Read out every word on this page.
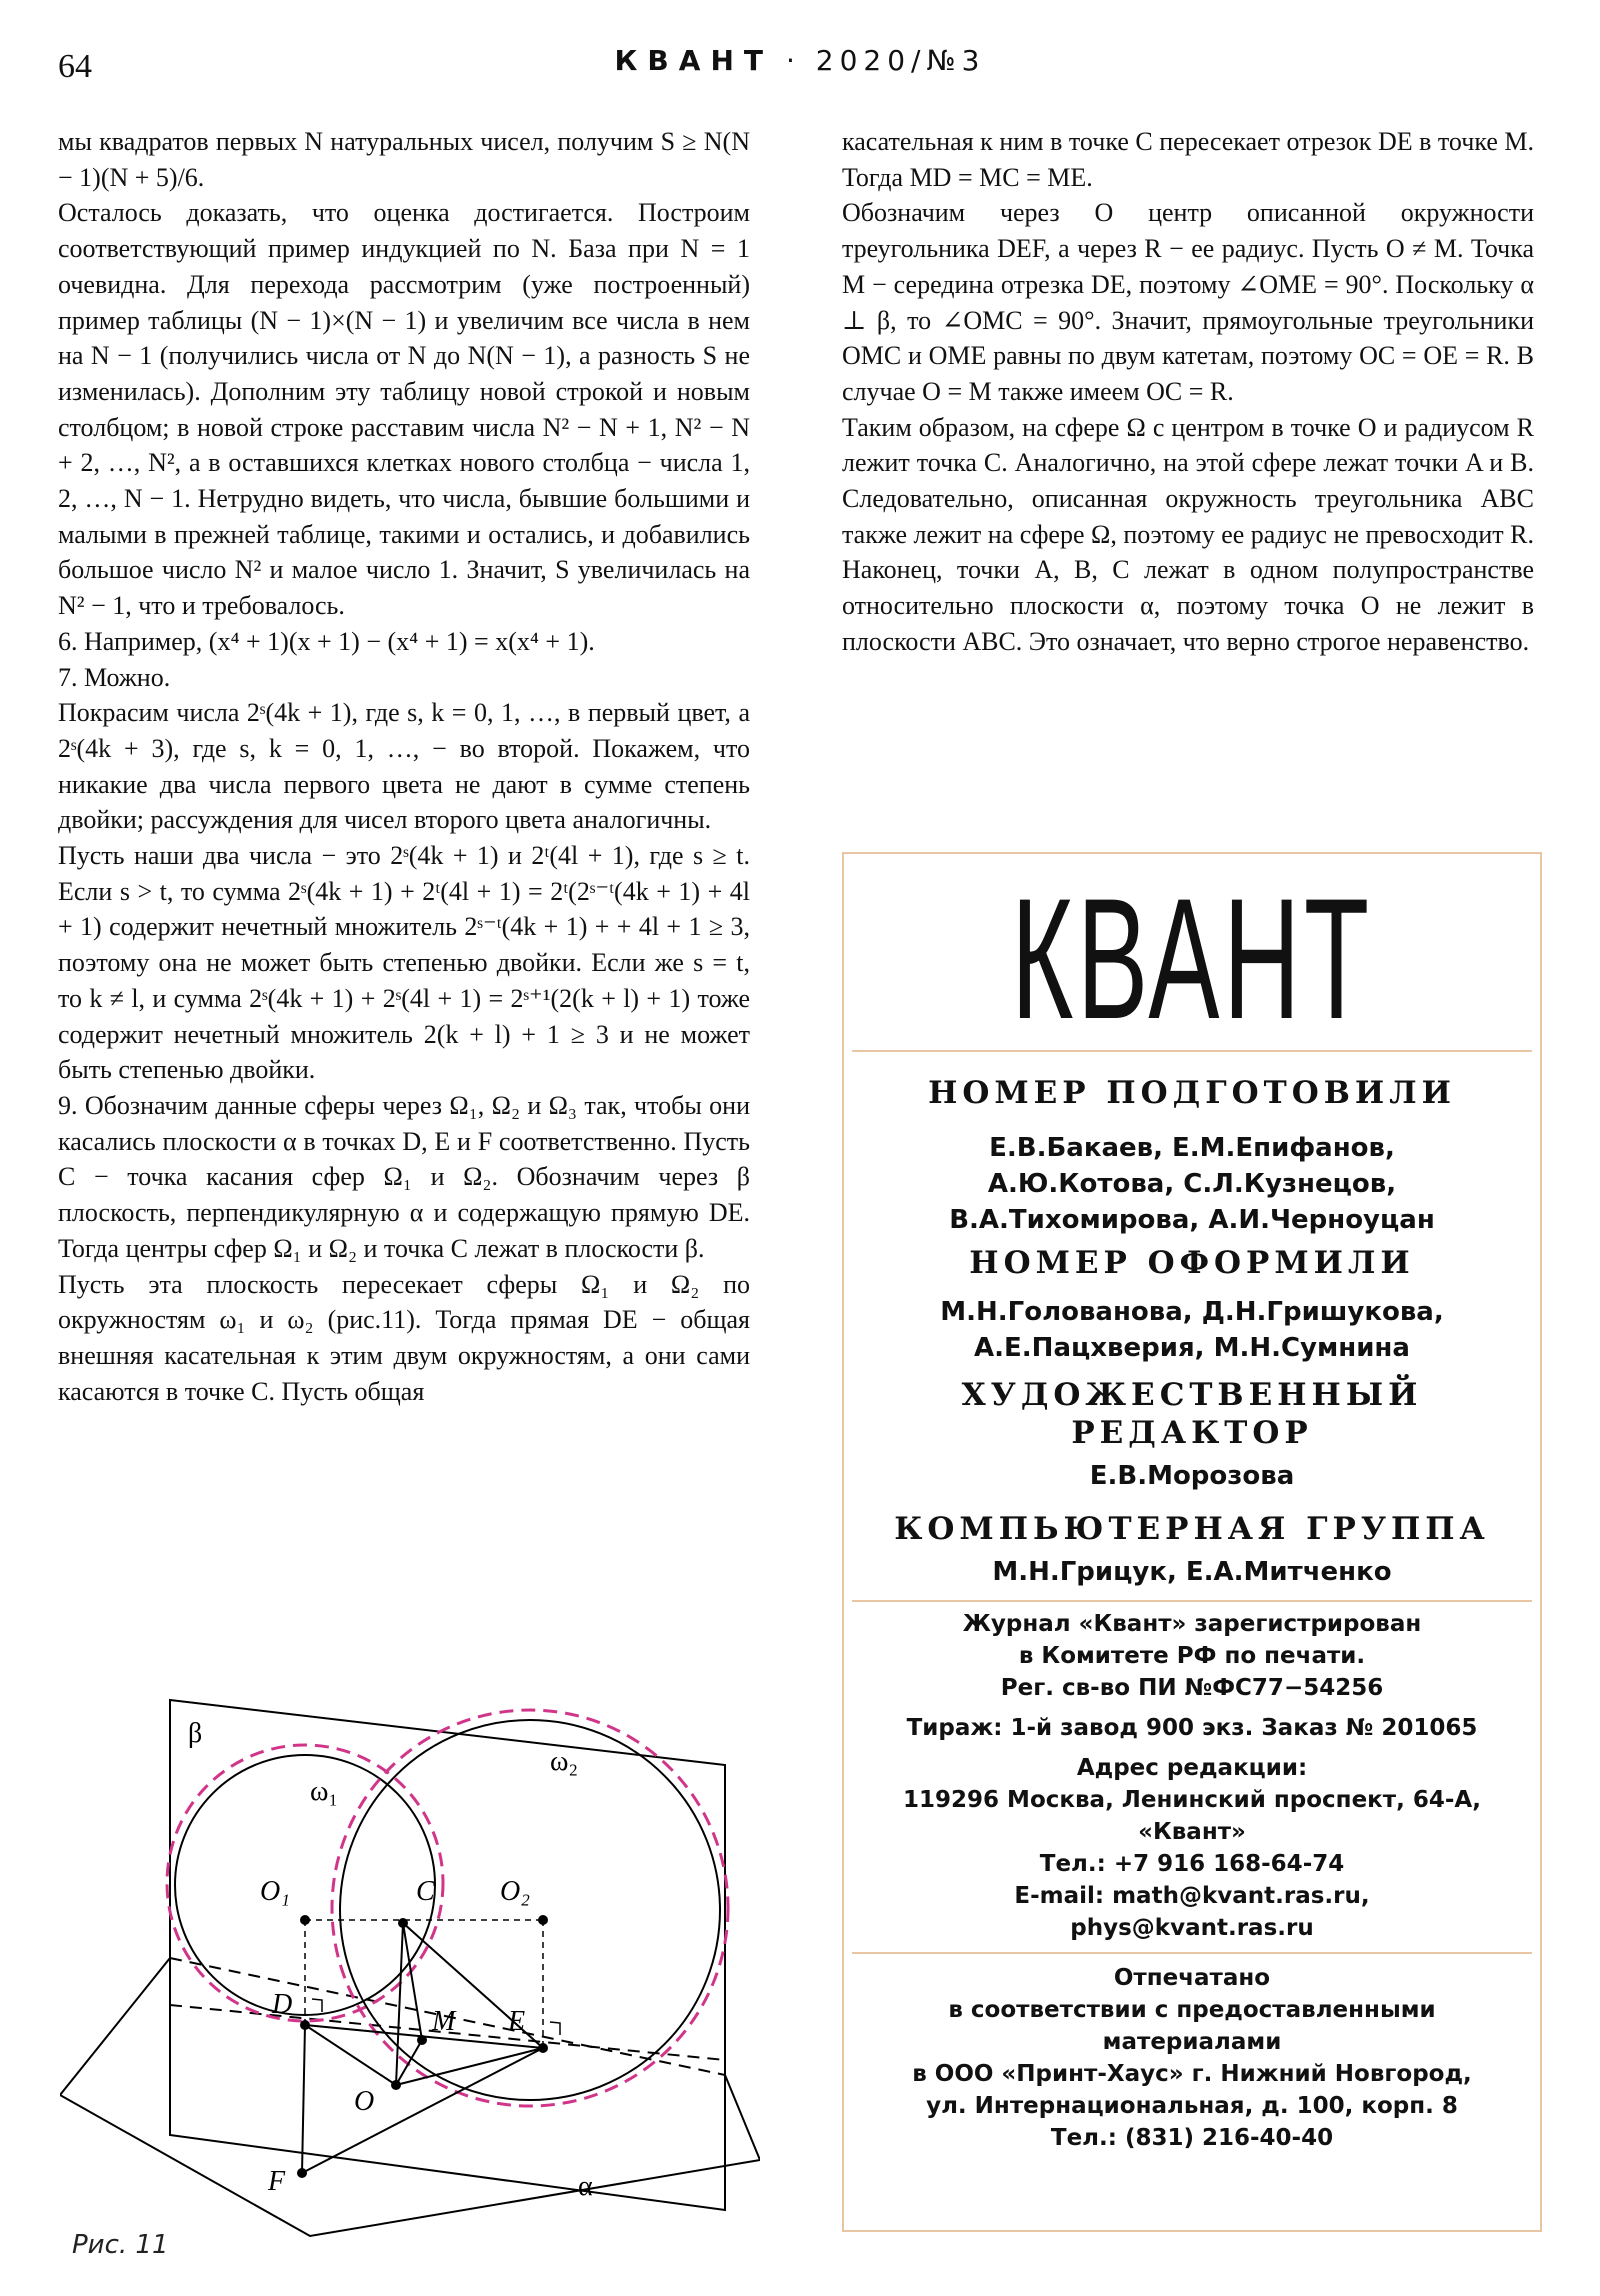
64	КВАНТ · 2020/№3

мы квадратов первых N натуральных чисел, получим S ≥ N(N − 1)(N + 5)/6.

Осталось доказать, что оценка достигается. Построим соответствующий пример индукцией по N. База при N = 1 очевидна. Для перехода рассмотрим (уже построенный) пример таблицы (N − 1)×(N − 1) и увеличим все числа в нем на N − 1 (получились числа от N до N(N − 1), а разность S не изменилась). Дополним эту таблицу новой строкой и новым столбцом; в новой строке расставим числа N² − N + 1, N² − N + 2, …, N², а в оставшихся клетках нового столбца − числа 1, 2, …, N − 1. Нетрудно видеть, что числа, бывшие большими и малыми в прежней таблице, такими и остались, и добавились большое число N² и малое число 1. Значит, S увеличилась на N² − 1, что и требовалось.

6. Например, (x⁴ + 1)(x + 1) − (x⁴ + 1) = x(x⁴ + 1).

7. Можно.

Покрасим числа 2ˢ(4k + 1), где s, k = 0, 1, …, в первый цвет, а 2ˢ(4k + 3), где s, k = 0, 1, …, − во второй. Покажем, что никакие два числа первого цвета не дают в сумме степень двойки; рассуждения для чисел второго цвета аналогичны.

Пусть наши два числа − это 2ˢ(4k + 1) и 2ᵗ(4l + 1), где s ≥ t. Если s > t, то сумма 2ˢ(4k + 1) + 2ᵗ(4l + 1) = 2ᵗ(2ˢ⁻ᵗ(4k + 1) + 4l + 1) содержит нечетный множитель 2ˢ⁻ᵗ(4k + 1) + + 4l + 1 ≥ 3, поэтому она не может быть степенью двойки. Если же s = t, то k ≠ l, и сумма 2ˢ(4k + 1) + 2ˢ(4l + 1) = 2ˢ⁺¹(2(k + l) + 1) тоже содержит нечетный множитель 2(k + l) + 1 ≥ 3 и не может быть степенью двойки.

9. Обозначим данные сферы через Ω₁, Ω₂ и Ω₃ так, чтобы они касались плоскости α в точках D, E и F соответственно. Пусть C − точка касания сфер Ω₁ и Ω₂. Обозначим через β плоскость, перпендикулярную α и содержащую прямую DE. Тогда центры сфер Ω₁ и Ω₂ и точка C лежат в плоскости β.

Пусть эта плоскость пересекает сферы Ω₁ и Ω₂ по окружностям ω₁ и ω₂ (рис.11). Тогда прямая DE − общая внешняя касательная к этим двум окружностям, а они сами касаются в точке C. Пусть общая

касательная к ним в точке C пересекает отрезок DE в точке M. Тогда MD = MC = ME.

Обозначим через O центр описанной окружности треугольника DEF, а через R − ее радиус. Пусть O ≠ M. Точка M − середина отрезка DE, поэтому ∠OME = 90°. Поскольку α ⊥ β, то ∠OMC = 90°. Значит, прямоугольные треугольники OMC и OME равны по двум катетам, поэтому OC = OE = R. В случае O = M также имеем OC = R.

Таким образом, на сфере Ω с центром в точке O и радиусом R лежит точка C. Аналогично, на этой сфере лежат точки A и B. Следовательно, описанная окружность треугольника ABC также лежит на сфере Ω, поэтому ее радиус не превосходит R.

Наконец, точки A, B, C лежат в одном полупространстве относительно плоскости α, поэтому точка O не лежит в плоскости ABC. Это означает, что верно строгое неравенство.

β
α
ω₁
ω₂
O₁	O₂
C
D
E
M
O
F
Рис. 11
КВАНТ

НОМЕР ПОДГОТОВИЛИ

Е.В.Бакаев, Е.М.Епифанов,

А.Ю.Котова, С.Л.Кузнецов,

В.А.Тихомирова, А.И.Черноуцан

НОМЕР ОФОРМИЛИ

М.Н.Голованова, Д.Н.Гришукова,

А.Е.Пацхверия, М.Н.Сумнина

ХУДОЖЕСТВЕННЫЙ

РЕДАКТОР

Е.В.Морозова

КОМПЬЮТЕРНАЯ ГРУППА

М.Н.Грицук, Е.А.Митченко

Журнал «Квант» зарегистрирован

в Комитете РФ по печати.

Рег. св-во ПИ №ФС77−54256

Тираж: 1-й завод 900 экз. Заказ № 201065

Адрес редакции:

119296 Москва, Ленинский проспект, 64-А,

«Квант»

Тел.: +7 916 168-64-74

E-mail: math@kvant.ras.ru,

phys@kvant.ras.ru

Отпечатано

в соответствии с предоставленными

материалами

в ООО «Принт-Хаус» г. Нижний Новгород,

ул. Интернациональная, д. 100, корп. 8

Тел.: (831) 216-40-40
